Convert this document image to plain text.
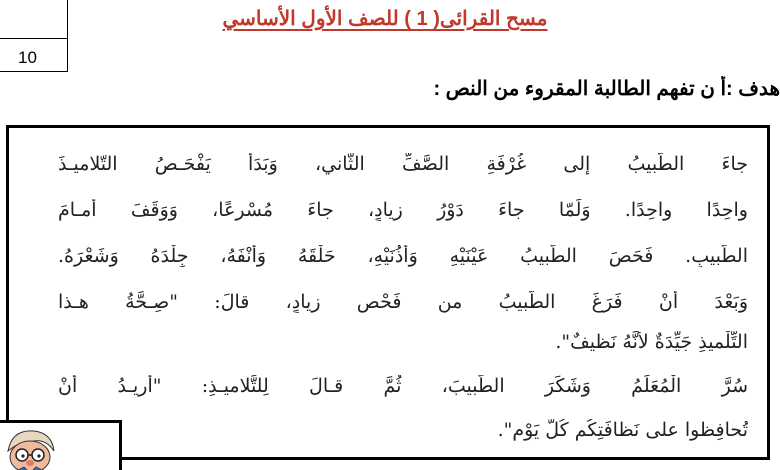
10
مسح القرائى( 1 ) للصف الأول الأساسي
هدف :أ ن تفهم الطالبة المقروء من النص :
جاءَ الطَّبيبُ إلى غُرْفَةِ الصَّفِّ الثّاني، وَبَدَأَ يَفْحَـصُ التّلاميـذَ
واحِدًا واحِدًا. وَلَمّا جاءَ دَوْرُ زيادٍ، جاءَ مُسْرِعًا، وَوَقَفَ أمـامَ
الطَّبيبِ. فَحَصَ الطَّبيبُ عَيْنَيْهِ وَأُذُنَيْهِ، حَلْقَهُ وَأَنْفَهُ، جِلْدَهُ وَشَعْرَهُ.
وَبَعْدَ أَنْ فَرَغَ الطَّبيبُ من فَحْصِ زيادٍ، قالَ: "صِـحَّةُ هـذا
التِّلْميذِ جَيِّدَةٌ لأَنَّهُ نَظيفٌ".
سُرَّ الْمُعَلِّمُ وَشَكَرَ الطَّبيبَ، ثُمَّ قـالَ لِلتَّلاميـذِ: "أُريـدُ أَنْ
تُحافِظوا على نَظافَتِكُم كُلَّ يَوْمٍ".
